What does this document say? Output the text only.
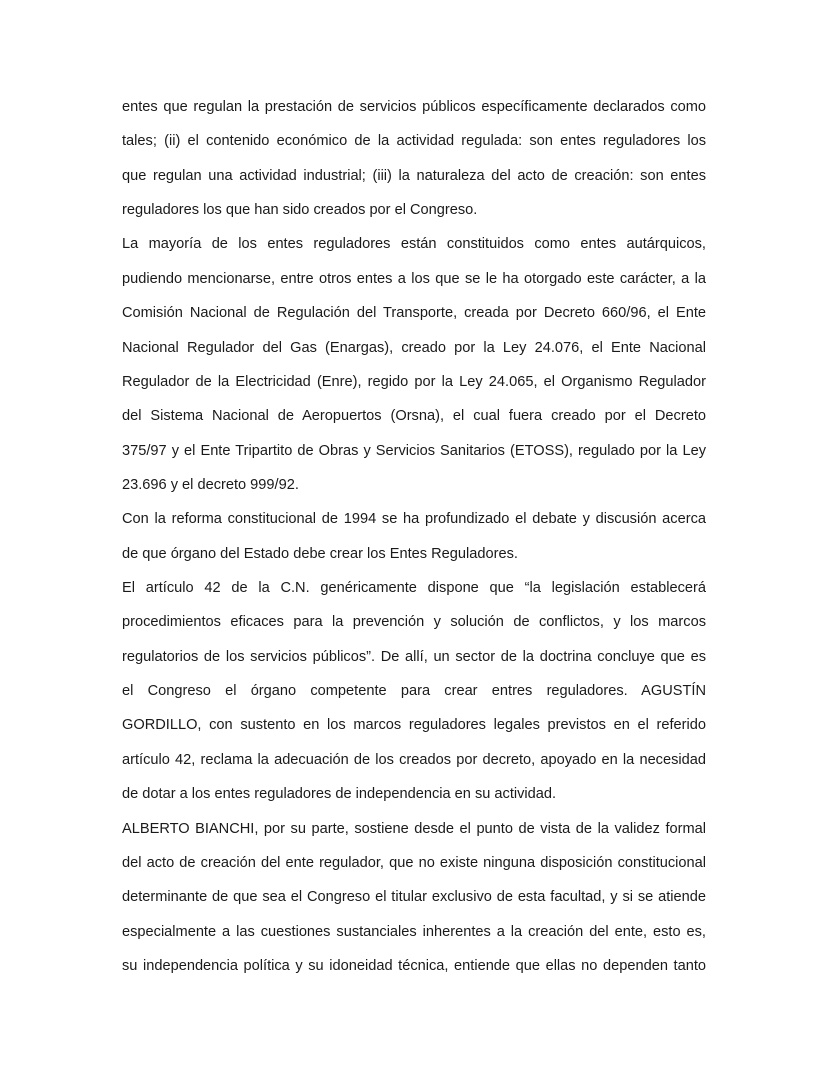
entes que regulan la prestación de servicios públicos específicamente declarados como
tales; (ii) el contenido económico de la actividad regulada: son entes reguladores los
que regulan una actividad industrial; (iii) la naturaleza del acto de creación: son entes
reguladores los que han sido creados por el Congreso.
La mayoría de los entes reguladores están constituidos como entes autárquicos,
pudiendo mencionarse, entre otros entes a los que se le ha otorgado este carácter, a la
Comisión Nacional de Regulación del Transporte, creada por Decreto 660/96, el Ente
Nacional Regulador del Gas (Enargas), creado por la Ley 24.076, el Ente Nacional
Regulador de la Electricidad (Enre), regido por la Ley 24.065, el Organismo Regulador
del Sistema Nacional de Aeropuertos (Orsna), el cual fuera creado por el Decreto
375/97 y el Ente Tripartito de Obras y Servicios Sanitarios (ETOSS), regulado por la Ley
23.696 y el decreto 999/92.
Con la reforma constitucional de 1994 se ha profundizado el debate y discusión acerca
de que órgano del Estado debe crear los Entes Reguladores.
El artículo 42 de la C.N. genéricamente dispone que “la legislación establecerá
procedimientos eficaces para la prevención y solución de conflictos, y los marcos
regulatorios de los servicios públicos”. De allí, un sector de la doctrina concluye que es
el Congreso el órgano competente para crear entres reguladores. AGUSTÍN
GORDILLO, con sustento en los marcos reguladores legales previstos en el referido
artículo 42, reclama la adecuación de los creados por decreto, apoyado en la necesidad
de dotar a los entes reguladores de independencia en su actividad.
ALBERTO BIANCHI, por su parte, sostiene desde el punto de vista de la validez formal
del acto de creación del ente regulador, que no existe ninguna disposición constitucional
determinante de que sea el Congreso el titular exclusivo de esta facultad, y si se atiende
especialmente a las cuestiones sustanciales inherentes a la creación del ente, esto es,
su independencia política y su idoneidad técnica, entiende que ellas no dependen tanto
